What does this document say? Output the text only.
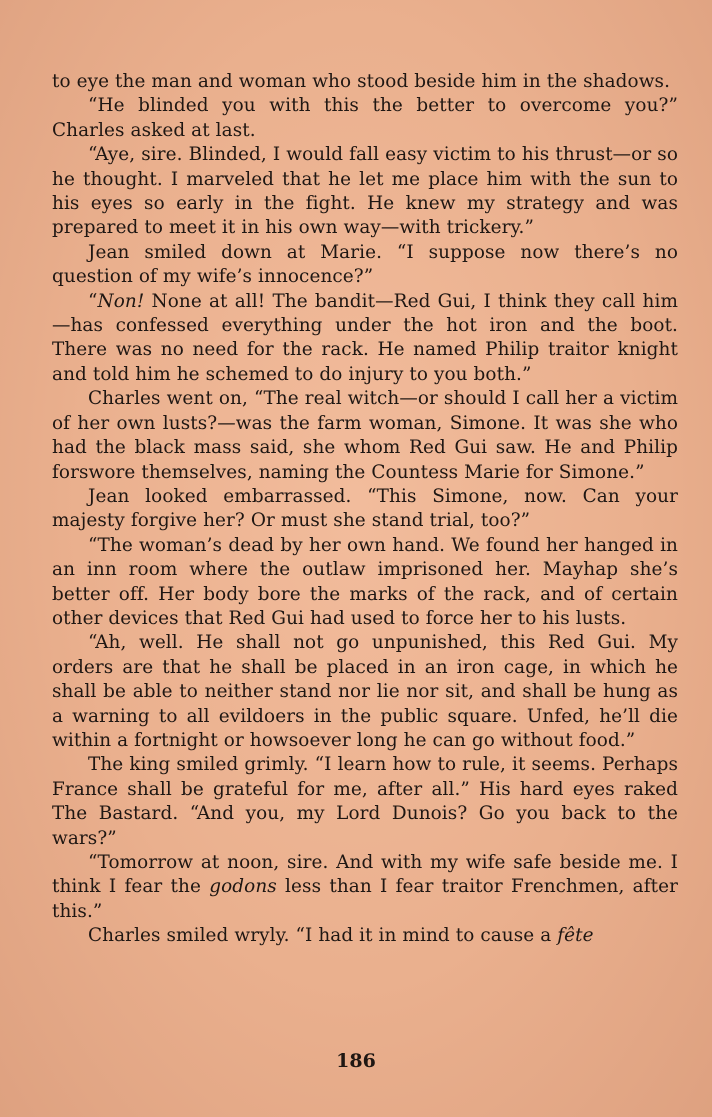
to eye the man and woman who stood beside him in the shadows.

“He blinded you with this the better to overcome you?” Charles asked at last.

“Aye, sire. Blinded, I would fall easy victim to his thrust—or so he thought. I marveled that he let me place him with the sun to his eyes so early in the fight. He knew my strategy and was prepared to meet it in his own way—with trickery.”

Jean smiled down at Marie. “I suppose now there’s no question of my wife’s innocence?”

“Non! None at all! The bandit—Red Gui, I think they call him—has confessed everything under the hot iron and the boot. There was no need for the rack. He named Philip traitor knight and told him he schemed to do injury to you both.”

Charles went on, “The real witch—or should I call her a victim of her own lusts?—was the farm woman, Simone. It was she who had the black mass said, she whom Red Gui saw. He and Philip forswore themselves, naming the Countess Marie for Simone.”

Jean looked embarrassed. “This Simone, now. Can your majesty forgive her? Or must she stand trial, too?”

“The woman’s dead by her own hand. We found her hanged in an inn room where the outlaw imprisoned her. Mayhap she’s better off. Her body bore the marks of the rack, and of certain other devices that Red Gui had used to force her to his lusts.

“Ah, well. He shall not go unpunished, this Red Gui. My orders are that he shall be placed in an iron cage, in which he shall be able to neither stand nor lie nor sit, and shall be hung as a warning to all evildoers in the public square. Unfed, he’ll die within a fortnight or howsoever long he can go without food.”

The king smiled grimly. “I learn how to rule, it seems. Perhaps France shall be grateful for me, after all.” His hard eyes raked The Bastard. “And you, my Lord Dunois? Go you back to the wars?”

“Tomorrow at noon, sire. And with my wife safe beside me. I think I fear the godons less than I fear traitor Frenchmen, after this.”

Charles smiled wryly. “I had it in mind to cause a fête

186
